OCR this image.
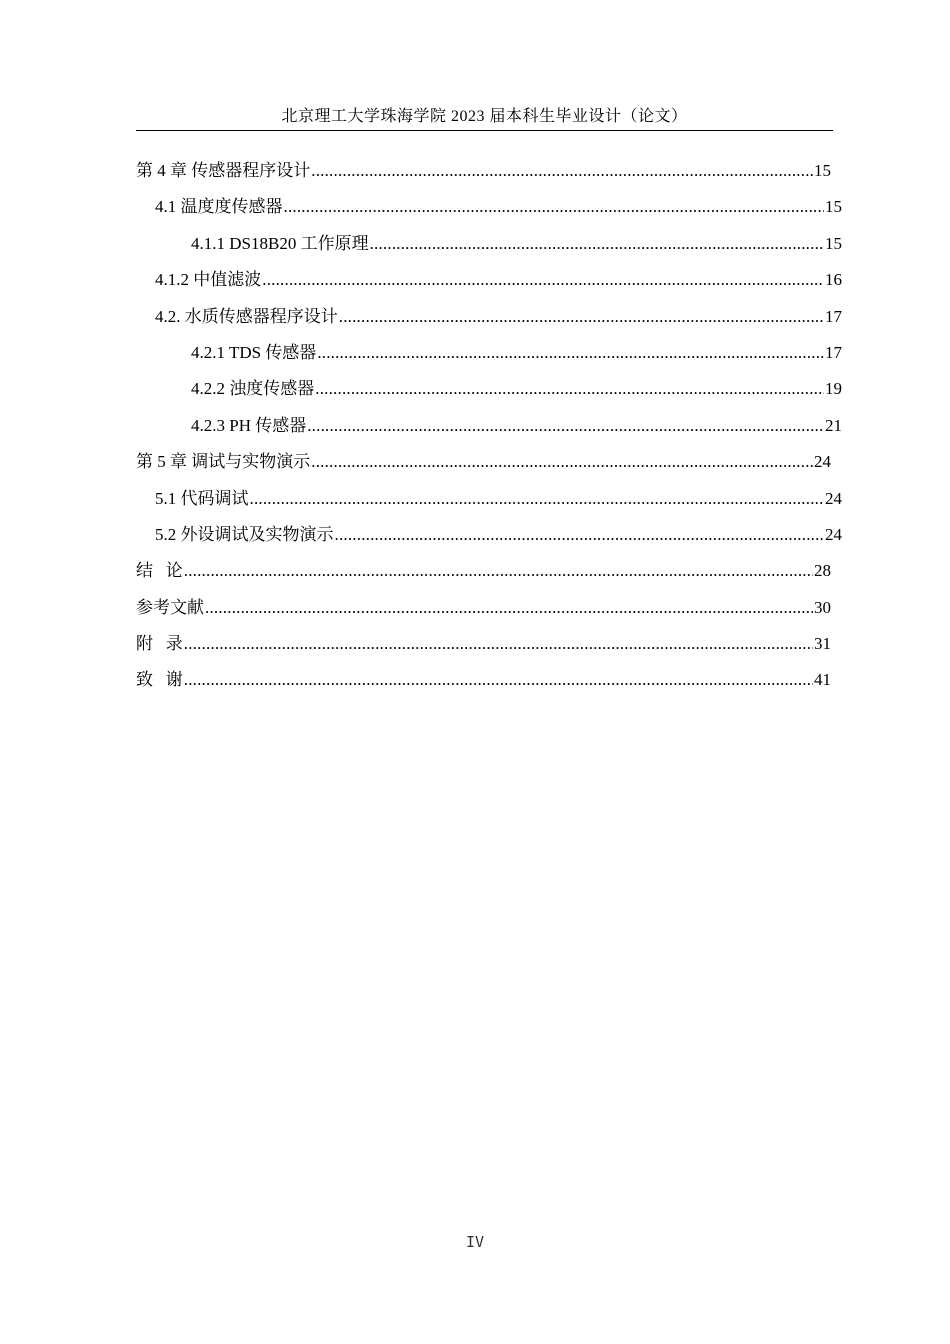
北京理工大学珠海学院 2023 届本科生毕业设计（论文）
第 4 章 传感器程序设计 .....	15
4.1 温度度传感器 .....	15
4.1.1 DS18B20 工作原理 .....	15
4.1.2 中值滤波 .....	16
4.2. 水质传感器程序设计 .....	17
4.2.1 TDS 传感器 .....	17
4.2.2 浊度传感器 .....	19
4.2.3 PH 传感器 .....	21
第 5 章 调试与实物演示 .....	24
5.1 代码调试 .....	24
5.2 外设调试及实物演示 .....	24
结   论 .....	28
参考文献 .....	30
附   录 .....	31
致   谢 .....	41
IV
